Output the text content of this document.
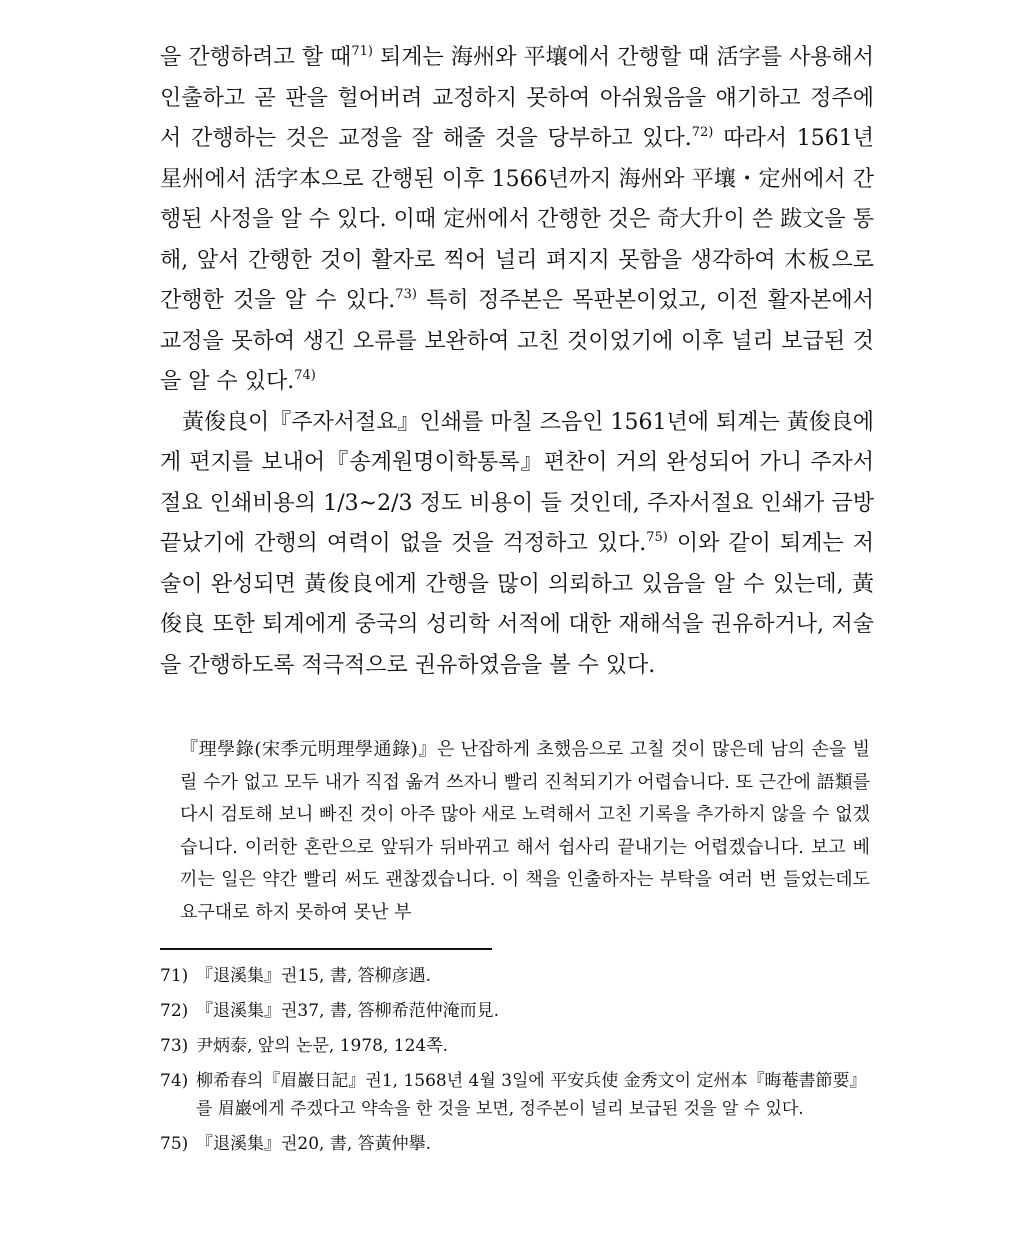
을 간행하려고 할 때$^{71)}$ 퇴계는 海州와 平壤에서 간행할 때 活字를 사용해서 인출하고 곧 판을 헐어버려 교정하지 못하여 아쉬웠음을 얘기하고 정주에서 간행하는 것은 교정을 잘 해줄 것을 당부하고 있다.$^{72)}$ 따라서 1561년 星州에서 活字本으로 간행된 이후 1566년까지 海州와 平壤・定州에서 간행된 사정을 알 수 있다. 이때 定州에서 간행한 것은 奇大升이 쓴 跋文을 통해, 앞서 간행한 것이 활자로 찍어 널리 펴지지 못함을 생각하여 木板으로 간행한 것을 알 수 있다.$^{73)}$ 특히 정주본은 목판본이었고, 이전 활자본에서 교정을 못하여 생긴 오류를 보완하여 고친 것이었기에 이후 널리 보급된 것을 알 수 있다.$^{74)}$

黃俊良이『주자서절요』인쇄를 마칠 즈음인 1561년에 퇴계는 黃俊良에게 편지를 보내어『송계원명이학통록』편찬이 거의 완성되어 가니 주자서절요 인쇄비용의 1/3~2/3 정도 비용이 들 것인데, 주자서절요 인쇄가 금방 끝났기에 간행의 여력이 없을 것을 걱정하고 있다.$^{75)}$ 이와 같이 퇴계는 저술이 완성되면 黃俊良에게 간행을 많이 의뢰하고 있음을 알 수 있는데, 黃俊良 또한 퇴계에게 중국의 성리학 서적에 대한 재해석을 권유하거나, 저술을 간행하도록 적극적으로 권유하였음을 볼 수 있다.

『理學錄(宋季元明理學通錄)』은 난잡하게 초했음으로 고칠 것이 많은데 남의 손을 빌릴 수가 없고 모두 내가 직접 옮겨 쓰자니 빨리 진척되기가 어렵습니다. 또 근간에 語類를 다시 검토해 보니 빠진 것이 아주 많아 새로 노력해서 고친 기록을 추가하지 않을 수 없겠습니다. 이러한 혼란으로 앞뒤가 뒤바뀌고 해서 쉽사리 끝내기는 어렵겠습니다. 보고 베끼는 일은 약간 빨리 써도 괜찮겠습니다. 이 책을 인출하자는 부탁을 여러 번 들었는데도 요구대로 하지 못하여 못난 부

71) 『退溪集』권15, 書, 答柳彦遇.
72) 『退溪集』권37, 書, 答柳希范仲淹而見.
73) 尹炳泰, 앞의 논문, 1978, 124쪽.
74) 柳希春의『眉巖日記』권1, 1568년 4월 3일에 平安兵使 金秀文이 定州本『晦菴書節要』를 眉巖에게 주겠다고 약속을 한 것을 보면, 정주본이 널리 보급된 것을 알 수 있다.
75) 『退溪集』권20, 書, 答黃仲擧.
